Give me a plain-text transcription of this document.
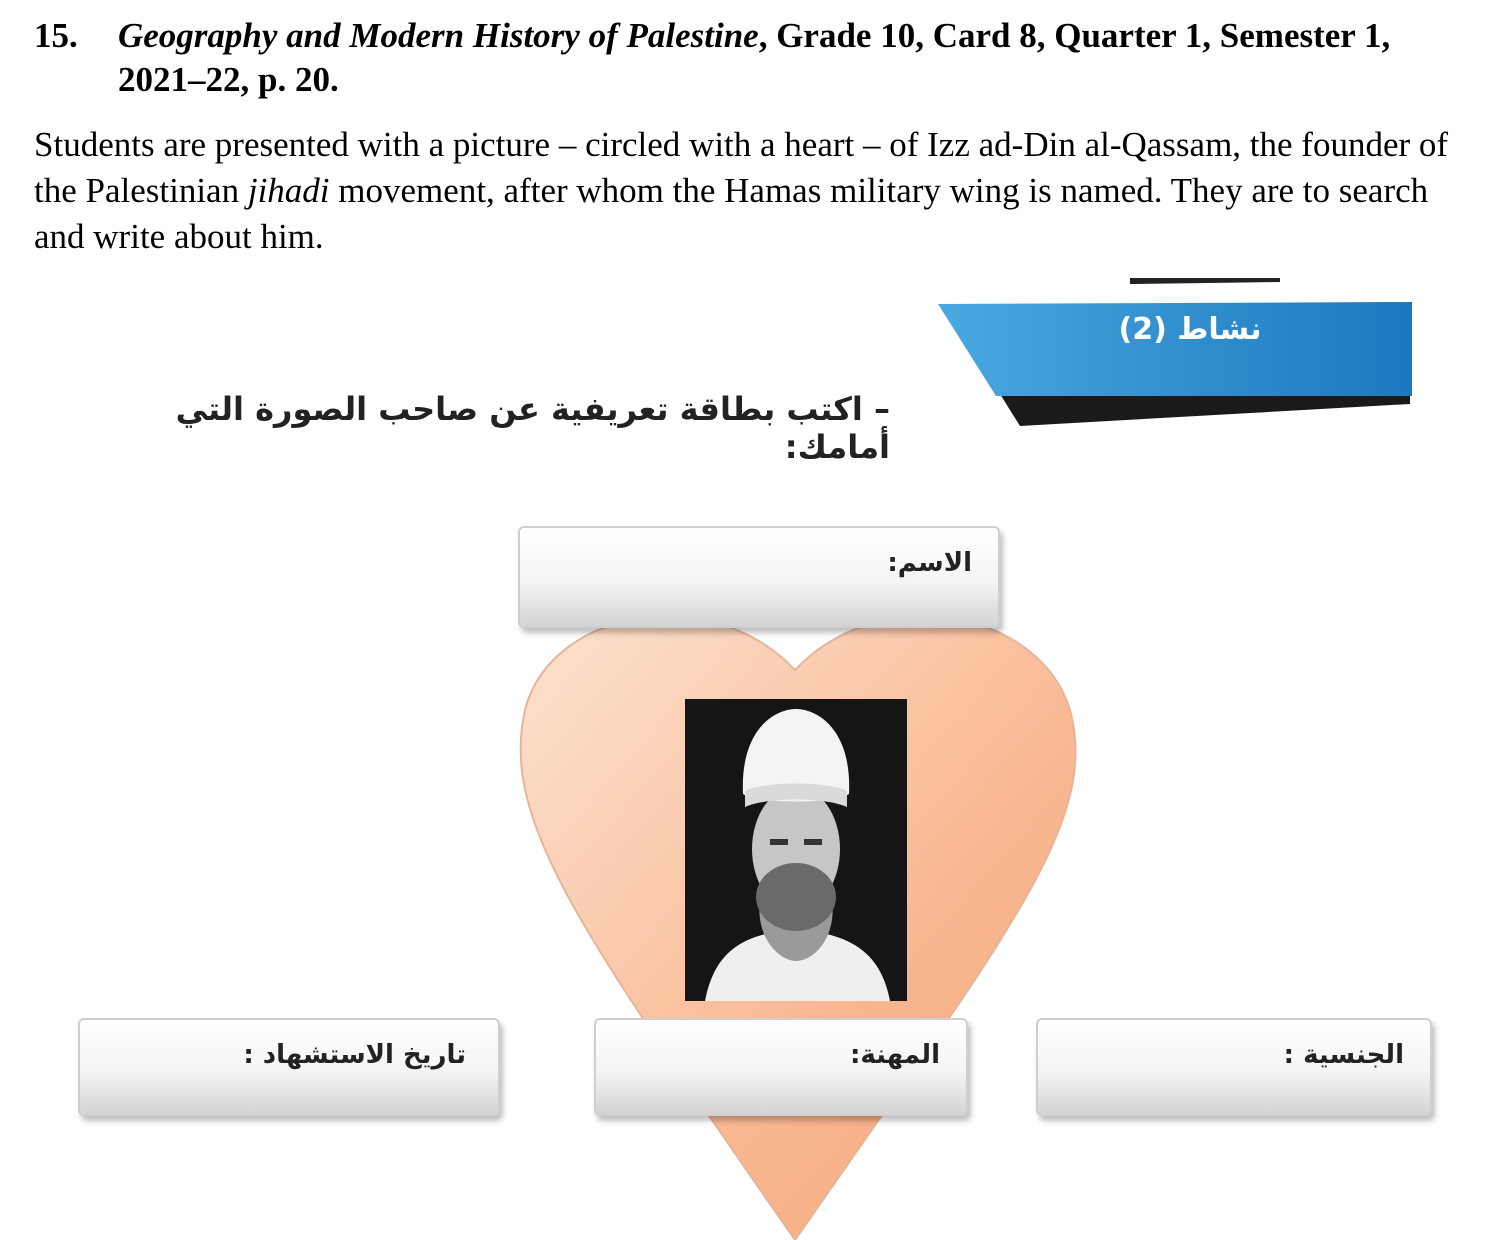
15. Geography and Modern History of Palestine, Grade 10, Card 8, Quarter 1, Semester 1, 2021–22, p. 20.
Students are presented with a picture – circled with a heart – of Izz ad-Din al-Qassam, the founder of the Palestinian jihadi movement, after whom the Hamas military wing is named. They are to search and write about him.
نشاط (2)
– اكتب بطاقة تعريفية عن صاحب الصورة التي أمامك:
الاسم:
تاريخ الاستشهاد :	المهنة:	الجنسية :
